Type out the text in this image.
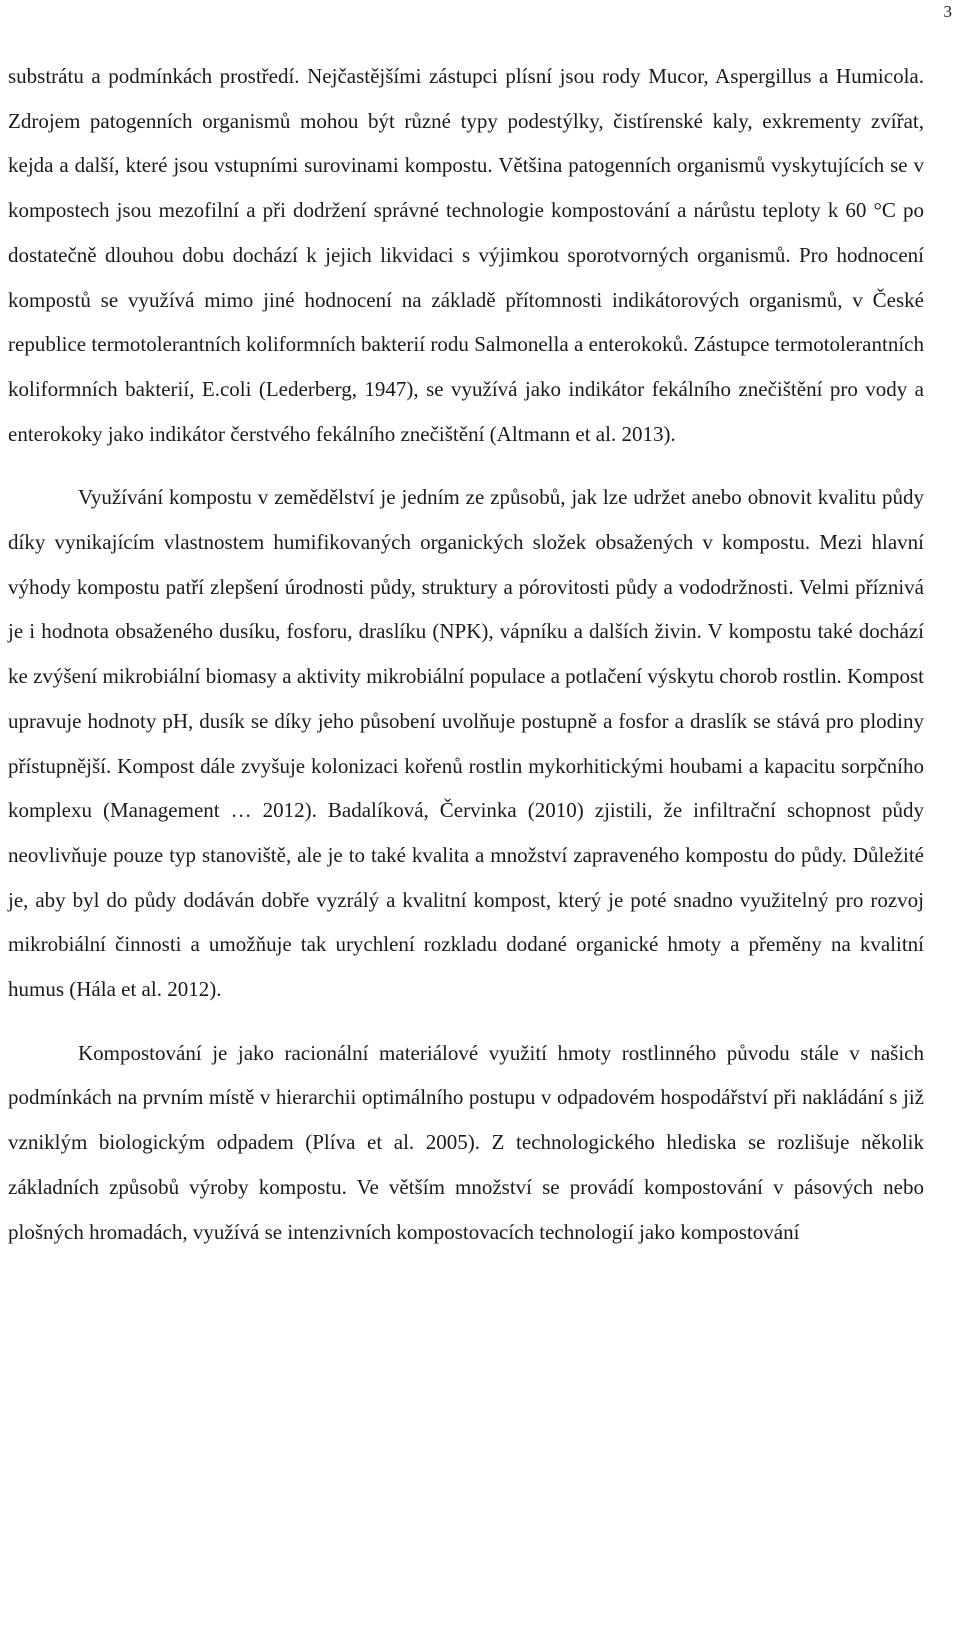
3

substrátu a podmínkách prostředí. Nejčastějšími zástupci plísní jsou rody Mucor, Aspergillus a Humicola. Zdrojem patogenních organismů mohou být různé typy podestýlky, čistírenské kaly, exkrementy zvířat, kejda a další, které jsou vstupními surovinami kompostu. Většina patogenních organismů vyskytujících se v kompostech jsou mezofilní a při dodržení správné technologie kompostování a nárůstu teploty k 60 °C po dostatečně dlouhou dobu dochází k jejich likvidaci s výjimkou sporotvorných organismů. Pro hodnocení kompostů se využívá mimo jiné hodnocení na základě přítomnosti indikátorových organismů, v České republice termotolerantních koliformních bakterií rodu Salmonella a enterokoků. Zástupce termotolerantních koliformních bakterií, E.coli (Lederberg, 1947), se využívá jako indikátor fekálního znečištění pro vody a enterokoky jako indikátor čerstvého fekálního znečištění (Altmann et al. 2013).

Využívání kompostu v zemědělství je jedním ze způsobů, jak lze udržet anebo obnovit kvalitu půdy díky vynikajícím vlastnostem humifikovaných organických složek obsažených v kompostu. Mezi hlavní výhody kompostu patří zlepšení úrodnosti půdy, struktury a pórovitosti půdy a vododržnosti. Velmi příznivá je i hodnota obsaženého dusíku, fosforu, draslíku (NPK), vápníku a dalších živin. V kompostu také dochází ke zvýšení mikrobiální biomasy a aktivity mikrobiální populace a potlačení výskytu chorob rostlin. Kompost upravuje hodnoty pH, dusík se díky jeho působení uvolňuje postupně a fosfor a draslík se stává pro plodiny přístupnější. Kompost dále zvyšuje kolonizaci kořenů rostlin mykorhitickými houbami a kapacitu sorpčního komplexu (Management … 2012). Badalíková, Červinka (2010) zjistili, že infiltrační schopnost půdy neovlivňuje pouze typ stanoviště, ale je to také kvalita a množství zapraveného kompostu do půdy. Důležité je, aby byl do půdy dodáván dobře vyzrálý a kvalitní kompost, který je poté snadno využitelný pro rozvoj mikrobiální činnosti a umožňuje tak urychlení rozkladu dodané organické hmoty a přeměny na kvalitní humus (Hála et al. 2012).

Kompostování je jako racionální materiálové využití hmoty rostlinného původu stále v našich podmínkách na prvním místě v hierarchii optimálního postupu v odpadovém hospodářství při nakládání s již vzniklým biologickým odpadem (Plíva et al. 2005). Z technologického hlediska se rozlišuje několik základních způsobů výroby kompostu. Ve větším množství se provádí kompostování v pásových nebo plošných hromadách, využívá se intenzivních kompostovacích technologií jako kompostování
